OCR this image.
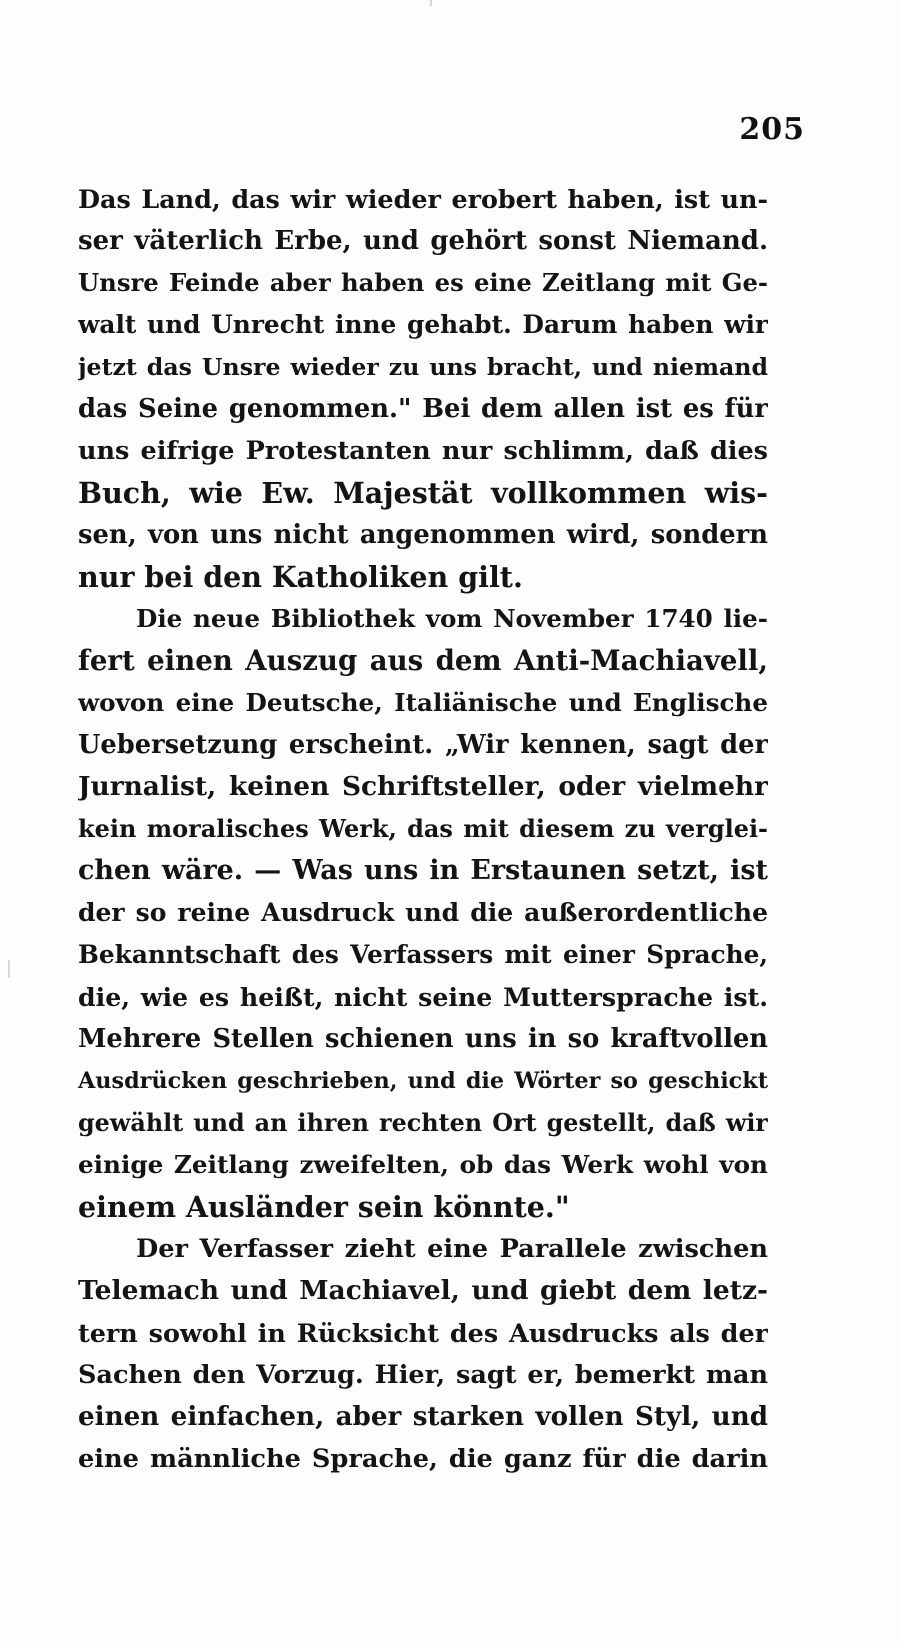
205
Das Land, das wir wieder erobert haben, ist un-
ser väterlich Erbe, und gehört sonst Niemand.
Unsre Feinde aber haben es eine Zeitlang mit Ge-
walt und Unrecht inne gehabt. Darum haben wir
jetzt das Unsre wieder zu uns bracht, und niemand
das Seine genommen." Bei dem allen ist es für
uns eifrige Protestanten nur schlimm, daß dies
Buch, wie Ew. Majestät vollkommen wis-
sen, von uns nicht angenommen wird, sondern
nur bei den Katholiken gilt.
Die neue Bibliothek vom November 1740 lie-
fert einen Auszug aus dem Anti-Machiavell,
wovon eine Deutsche, Italiänische und Englische
Uebersetzung erscheint. „Wir kennen, sagt der
Jurnalist, keinen Schriftsteller, oder vielmehr
kein moralisches Werk, das mit diesem zu verglei-
chen wäre. — Was uns in Erstaunen setzt, ist
der so reine Ausdruck und die außerordentliche
Bekanntschaft des Verfassers mit einer Sprache,
die, wie es heißt, nicht seine Muttersprache ist.
Mehrere Stellen schienen uns in so kraftvollen
Ausdrücken geschrieben, und die Wörter so geschickt
gewählt und an ihren rechten Ort gestellt, daß wir
einige Zeitlang zweifelten, ob das Werk wohl von
einem Ausländer sein könnte."
Der Verfasser zieht eine Parallele zwischen
Telemach und Machiavel, und giebt dem letz-
tern sowohl in Rücksicht des Ausdrucks als der
Sachen den Vorzug. Hier, sagt er, bemerkt man
einen einfachen, aber starken vollen Styl, und
eine männliche Sprache, die ganz für die darin
